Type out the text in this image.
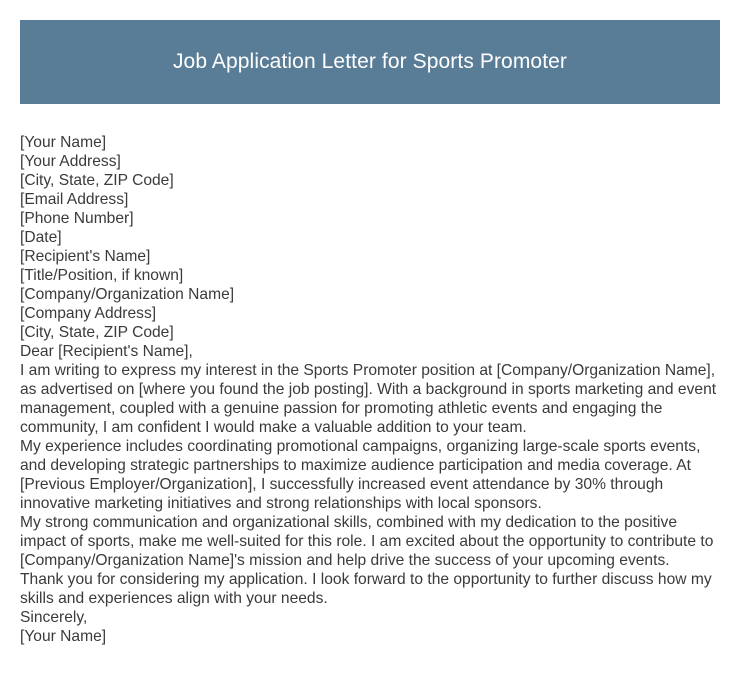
Job Application Letter for Sports Promoter
[Your Name]
[Your Address]
[City, State, ZIP Code]
[Email Address]
[Phone Number]
[Date]
[Recipient's Name]
[Title/Position, if known]
[Company/Organization Name]
[Company Address]
[City, State, ZIP Code]
Dear [Recipient's Name],

I am writing to express my interest in the Sports Promoter position at [Company/Organization Name], as advertised on [where you found the job posting]. With a background in sports marketing and event management, coupled with a genuine passion for promoting athletic events and engaging the community, I am confident I would make a valuable addition to your team.

My experience includes coordinating promotional campaigns, organizing large-scale sports events, and developing strategic partnerships to maximize audience participation and media coverage. At [Previous Employer/Organization], I successfully increased event attendance by 30% through innovative marketing initiatives and strong relationships with local sponsors.

My strong communication and organizational skills, combined with my dedication to the positive impact of sports, make me well-suited for this role. I am excited about the opportunity to contribute to [Company/Organization Name]'s mission and help drive the success of your upcoming events.

Thank you for considering my application. I look forward to the opportunity to further discuss how my skills and experiences align with your needs.

Sincerely,
[Your Name]
